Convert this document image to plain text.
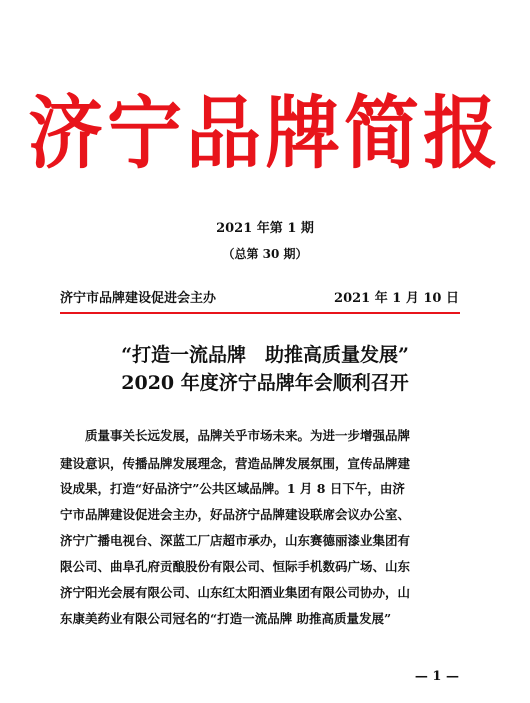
济宁品牌简报
2021 年第 1 期
（总第 30 期）
济宁市品牌建设促进会主办	2021 年 1 月 10 日
“打造一流品牌　助推高质量发展”
2020 年度济宁品牌年会顺利召开
质量事关长远发展，品牌关乎市场未来。为进一步增强品牌
建设意识，传播品牌发展理念，营造品牌发展氛围，宣传品牌建
设成果，打造“好品济宁”公共区域品牌。1 月 8 日下午，由济
宁市品牌建设促进会主办，好品济宁品牌建设联席会议办公室、
济宁广播电视台、深蓝工厂店超市承办，山东赛德丽漆业集团有
限公司、曲阜孔府贡酿股份有限公司、恒际手机数码广场、山东
济宁阳光会展有限公司、山东红太阳酒业集团有限公司协办，山
东康美药业有限公司冠名的“打造一流品牌 助推高质量发展”
— 1 —
